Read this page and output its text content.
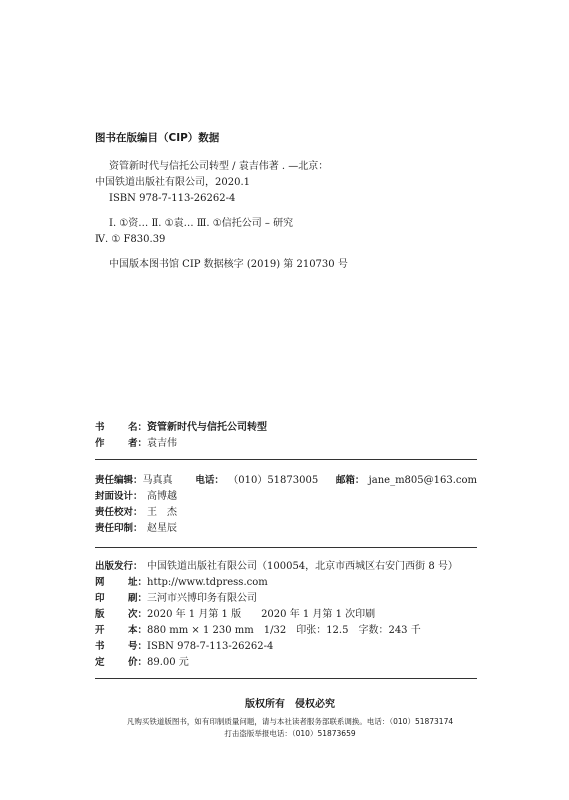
图书在版编目（CIP）数据
资管新时代与信托公司转型 / 袁吉伟著 . —北京：
中国铁道出版社有限公司，2020.1
ISBN 978-7-113-26262-4
Ⅰ. ①资… Ⅱ. ①袁… Ⅲ. ①信托公司 – 研究
Ⅳ. ① F830.39
中国版本图书馆 CIP 数据核字 (2019) 第 210730 号
书 名： 资管新时代与信托公司转型
作 者： 袁吉伟
责任编辑： 马真真	电话： （010）51873005	邮箱： jane_m805@163.com
封面设计： 高博越
责任校对： 王　杰
责任印制： 赵星辰
出版发行： 中国铁道出版社有限公司（100054，北京市西城区右安门西街 8 号）
网 址： http://www.tdpress.com
印 刷： 三河市兴博印务有限公司
版 次： 2020 年 1 月第 1 版　　2020 年 1 月第 1 次印刷
开 本： 880 mm × 1 230 mm　1/32　印张：12.5　字数：243 千
书 号： ISBN 978-7-113-26262-4
定 价： 89.00 元
版权所有　侵权必究
凡购买铁道版图书，如有印制质量问题，请与本社读者服务部联系调换。电话：（010）51873174
打击盗版举报电话：（010）51873659
